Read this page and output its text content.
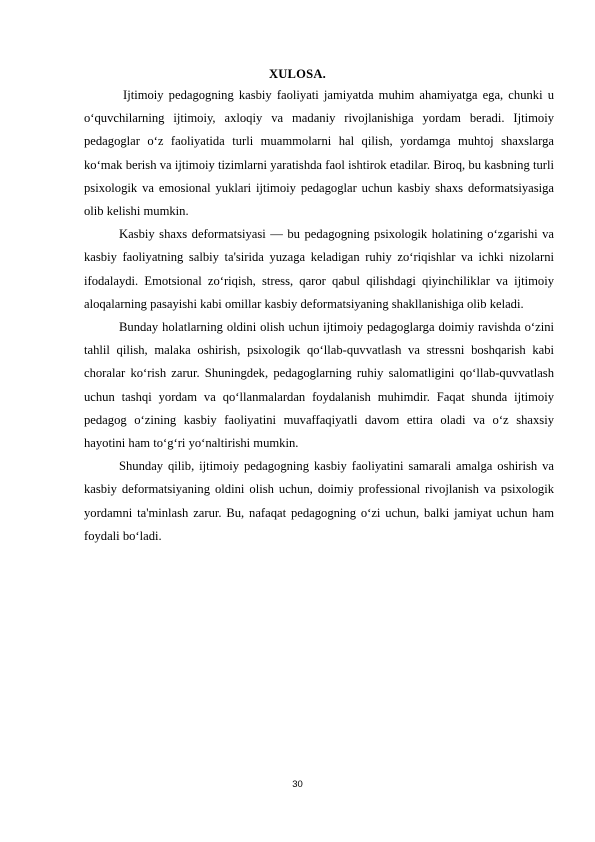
XULOSA.

Ijtimoiy pedagogning kasbiy faoliyati jamiyatda muhim ahamiyatga ega, chunki u o‘quvchilarning ijtimoiy, axloqiy va madaniy rivojlanishiga yordam beradi. Ijtimoiy pedagoglar o‘z faoliyatida turli muammolarni hal qilish, yordamga muhtoj shaxslarga ko‘mak berish va ijtimoiy tizimlarni yaratishda faol ishtirok etadilar. Biroq, bu kasbning turli psixologik va emosional yuklari ijtimoiy pedagoglar uchun kasbiy shaxs deformatsiyasiga olib kelishi mumkin.

Kasbiy shaxs deformatsiyasi — bu pedagogning psixologik holatining o‘zgarishi va kasbiy faoliyatning salbiy ta'sirida yuzaga keladigan ruhiy zo‘riqishlar va ichki nizolarni ifodalaydi. Emotsional zo‘riqish, stress, qaror qabul qilishdagi qiyinchiliklar va ijtimoiy aloqalarning pasayishi kabi omillar kasbiy deformatsiyaning shakllanishiga olib keladi.

Bunday holatlarning oldini olish uchun ijtimoiy pedagoglarga doimiy ravishda o‘zini tahlil qilish, malaka oshirish, psixologik qo‘llab-quvvatlash va stressni boshqarish kabi choralar ko‘rish zarur. Shuningdek, pedagoglarning ruhiy salomatligini qo‘llab-quvvatlash uchun tashqi yordam va qo‘llanmalardan foydalanish muhimdir. Faqat shunda ijtimoiy pedagog o‘zining kasbiy faoliyatini muvaffaqiyatli davom ettira oladi va o‘z shaxsiy hayotini ham to‘g‘ri yo‘naltirishi mumkin.

Shunday qilib, ijtimoiy pedagogning kasbiy faoliyatini samarali amalga oshirish va kasbiy deformatsiyaning oldini olish uchun, doimiy professional rivojlanish va psixologik yordamni ta'minlash zarur. Bu, nafaqat pedagogning o‘zi uchun, balki jamiyat uchun ham foydali bo‘ladi.

30
